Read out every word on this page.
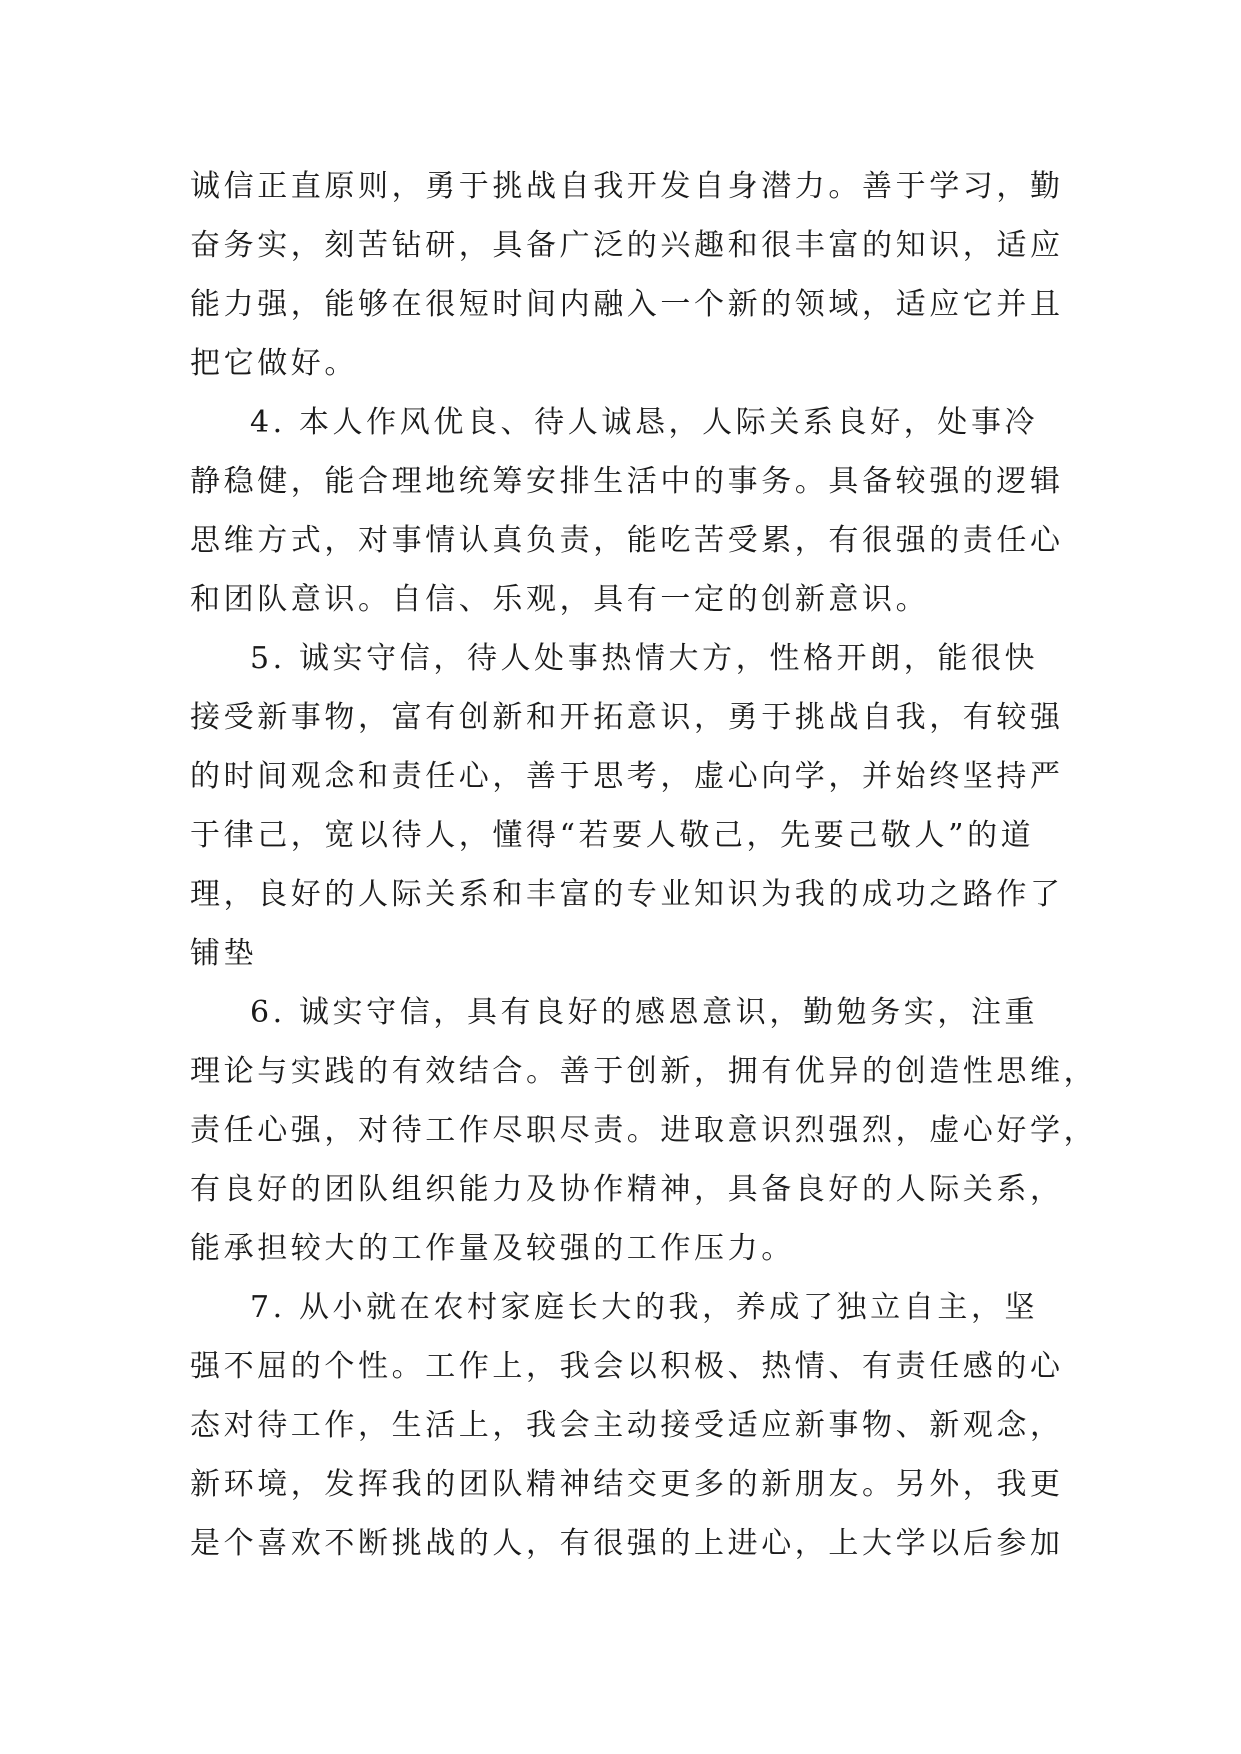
诚信正直原则，勇于挑战自我开发自身潜力。善于学习，勤
奋务实，刻苦钻研，具备广泛的兴趣和很丰富的知识，适应
能力强，能够在很短时间内融入一个新的领域，适应它并且
把它做好。
4. 本人作风优良、待人诚恳，人际关系良好，处事冷
静稳健，能合理地统筹安排生活中的事务。具备较强的逻辑
思维方式，对事情认真负责，能吃苦受累，有很强的责任心
和团队意识。自信、乐观，具有一定的创新意识。
5. 诚实守信，待人处事热情大方，性格开朗，能很快
接受新事物，富有创新和开拓意识，勇于挑战自我，有较强
的时间观念和责任心，善于思考，虚心向学，并始终坚持严
于律己，宽以待人，懂得“若要人敬己，先要己敬人”的道
理，良好的人际关系和丰富的专业知识为我的成功之路作了
铺垫
6. 诚实守信，具有良好的感恩意识，勤勉务实，注重
理论与实践的有效结合。善于创新，拥有优异的创造性思维，
责任心强，对待工作尽职尽责。进取意识烈强烈，虚心好学，
有良好的团队组织能力及协作精神，具备良好的人际关系，
能承担较大的工作量及较强的工作压力。
7. 从小就在农村家庭长大的我，养成了独立自主，坚
强不屈的个性。工作上，我会以积极、热情、有责任感的心
态对待工作，生活上，我会主动接受适应新事物、新观念，
新环境，发挥我的团队精神结交更多的新朋友。另外，我更
是个喜欢不断挑战的人，有很强的上进心，上大学以后参加
